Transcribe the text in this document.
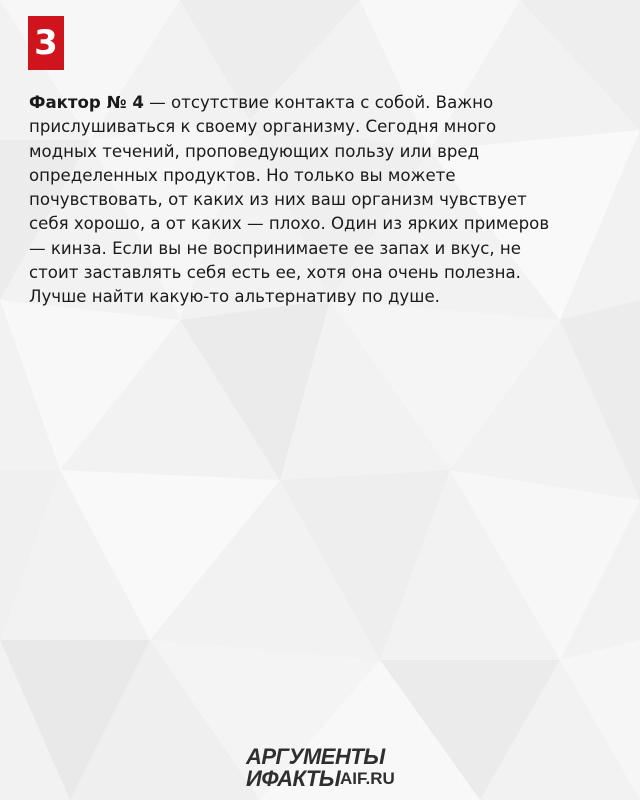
3

Фактор № 4 — отсутствие контакта с собой. Важно
прислушиваться к своему организму. Сегодня много
модных течений, проповедующих пользу или вред
определенных продуктов. Но только вы можете
почувствовать, от каких из них ваш организм чувствует
себя хорошо, а от каких — плохо. Один из ярких примеров
— кинза. Если вы не воспринимаете ее запах и вкус, не
стоит заставлять себя есть ее, хотя она очень полезна.
Лучше найти какую-то альтернативу по душе.

АРГУМЕНТЫ
ИФАКТЫ AIF.RU
